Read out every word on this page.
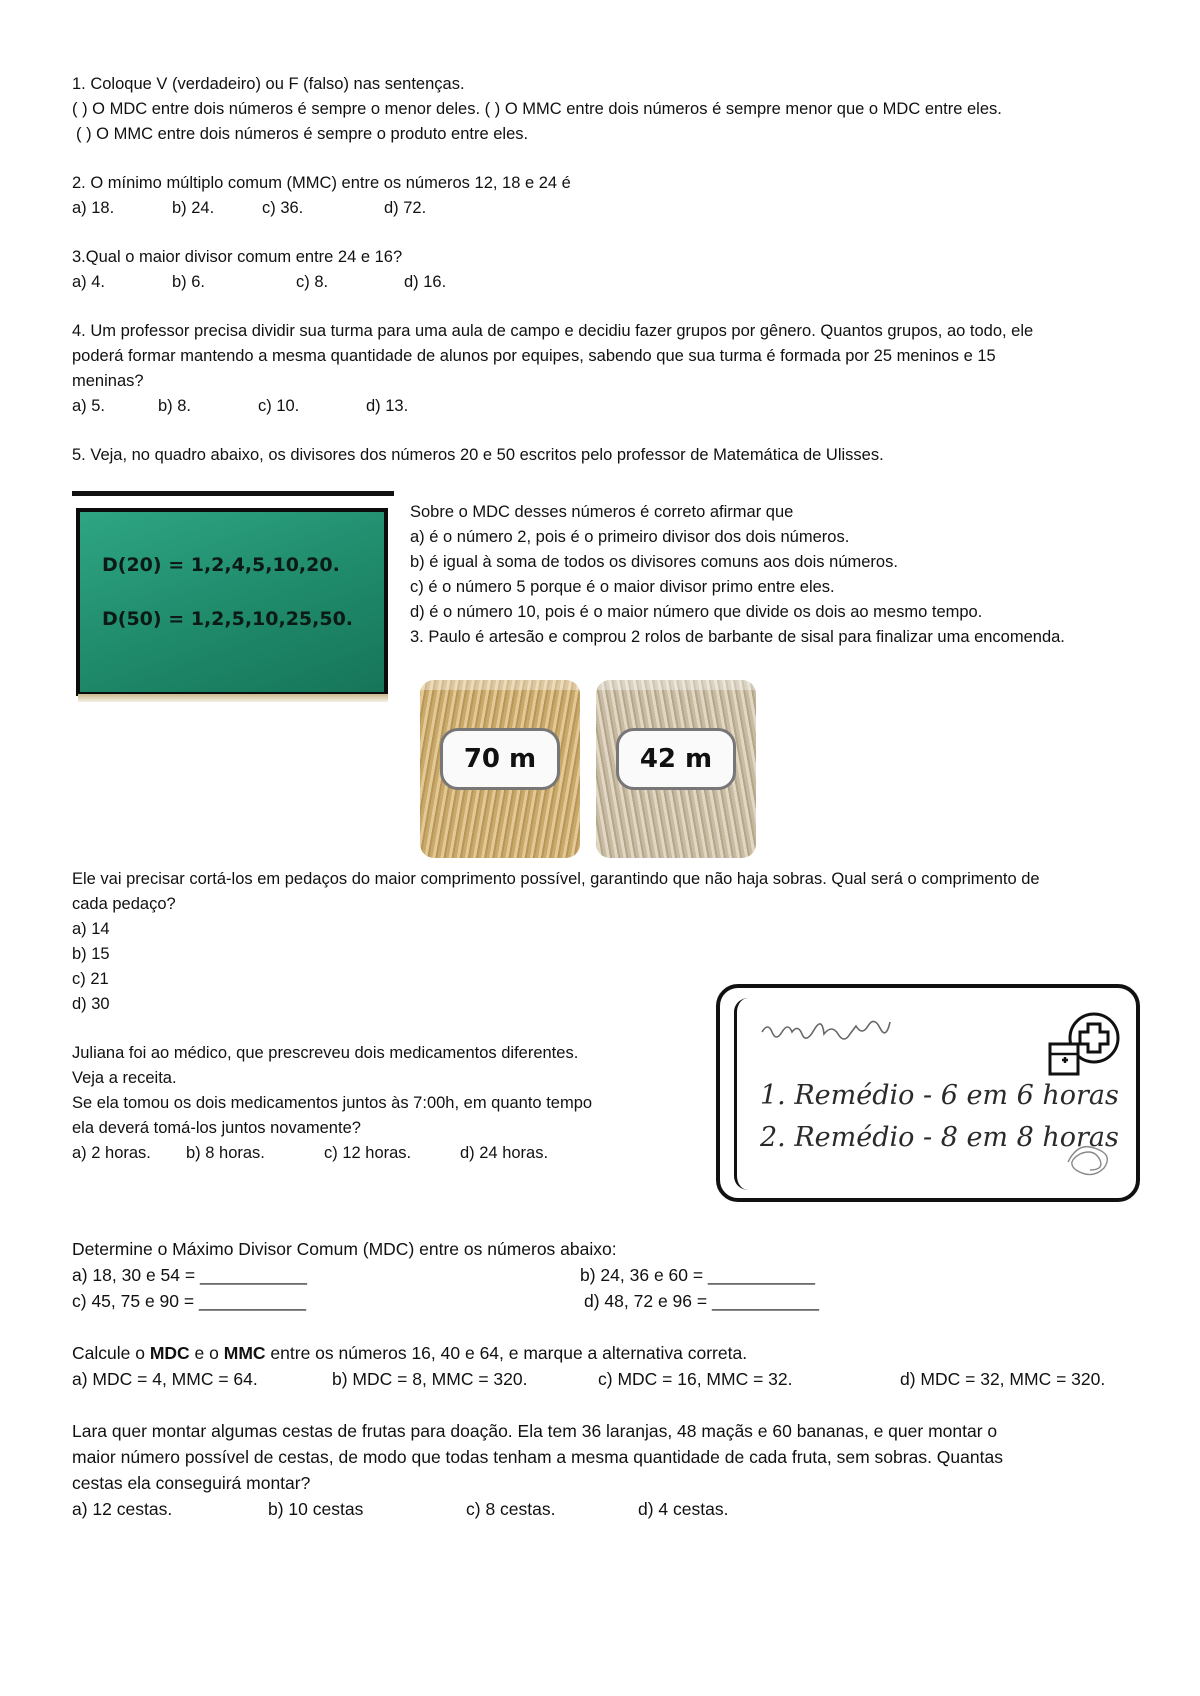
1. Coloque V (verdadeiro) ou F (falso) nas sentenças.
( ) O MDC entre dois números é sempre o menor deles. ( ) O MMC entre dois números é sempre menor que o MDC entre eles.
( ) O MMC entre dois números é sempre o produto entre eles.
2. O mínimo múltiplo comum (MMC) entre os números 12, 18 e 24 é
a) 18.	b) 24.	c) 36.	d) 72.
3.Qual o maior divisor comum entre 24 e 16?
a) 4.	b) 6.	c) 8.	d) 16.
4. Um professor precisa dividir sua turma para uma aula de campo e decidiu fazer grupos por gênero. Quantos grupos, ao todo, ele
poderá formar mantendo a mesma quantidade de alunos por equipes, sabendo que sua turma é formada por 25 meninos e 15
meninas?
a) 5.	b) 8.	c) 10.	d) 13.
5. Veja, no quadro abaixo, os divisores dos números 20 e 50 escritos pelo professor de Matemática de Ulisses.
D(20) = 1,2,4,5,10,20.
D(50) = 1,2,5,10,25,50.
Sobre o MDC desses números é correto afirmar que
a) é o número 2, pois é o primeiro divisor dos dois números.
b) é igual à soma de todos os divisores comuns aos dois números.
c) é o número 5 porque é o maior divisor primo entre eles.
d) é o número 10, pois é o maior número que divide os dois ao mesmo tempo.
3. Paulo é artesão e comprou 2 rolos de barbante de sisal para finalizar uma encomenda.
70 m	42 m
Ele vai precisar cortá-los em pedaços do maior comprimento possível, garantindo que não haja sobras. Qual será o comprimento de
cada pedaço?
a) 14
b) 15
c) 21
d) 30
Juliana foi ao médico, que prescreveu dois medicamentos diferentes.
Veja a receita.
Se ela tomou os dois medicamentos juntos às 7:00h, em quanto tempo
ela deverá tomá-los juntos novamente?
a) 2 horas. b) 8 horas.	c) 12 horas.	d) 24 horas.
1. Remédio - 6 em 6 horas
2. Remédio - 8 em 8 horas
Determine o Máximo Divisor Comum (MDC) entre os números abaixo:
a) 18, 30 e 54 = ___________	b) 24, 36 e 60 = ___________
c) 45, 75 e 90 = ___________	d) 48, 72 e 96 = ___________
Calcule o MDC e o MMC entre os números 16, 40 e 64, e marque a alternativa correta.
a) MDC = 4, MMC = 64.	b) MDC = 8, MMC = 320.	c) MDC = 16, MMC = 32.	d) MDC = 32, MMC = 320.
Lara quer montar algumas cestas de frutas para doação. Ela tem 36 laranjas, 48 maçãs e 60 bananas, e quer montar o
maior número possível de cestas, de modo que todas tenham a mesma quantidade de cada fruta, sem sobras. Quantas
cestas ela conseguirá montar?
a) 12 cestas.	b) 10 cestas	c) 8 cestas.	d) 4 cestas.
